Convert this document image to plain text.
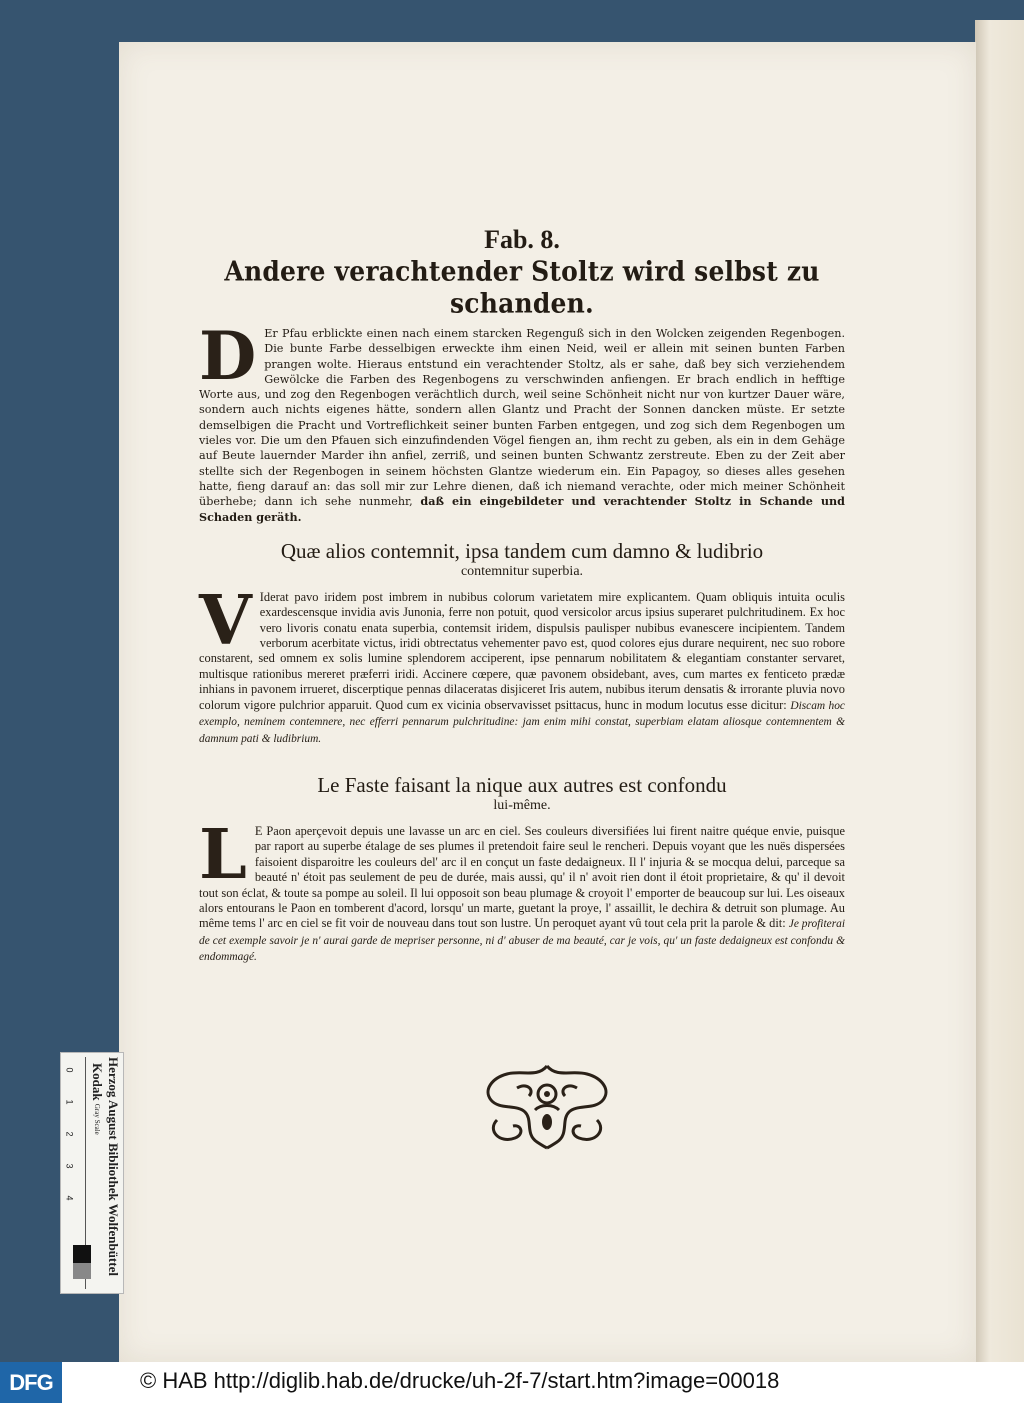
Fab. 8.
Andere verachtender Stoltz wird selbst zu schanden.

D Er Pfau erblickte einen nach einem starcken Regenguß sich in den Wolcken zeigenden Regenbogen. Die bunte Farbe desselbigen erweckte ihm einen Neid, weil er allein mit seinen bunten Farben prangen wolte. Hieraus entstund ein verachtender Stoltz, als er sahe, daß bey sich verziehendem Gewölcke die Farben des Regenbogens zu verschwinden anfiengen. Er brach endlich in hefftige Worte aus, und zog den Regenbogen verächtlich durch, weil seine Schönheit nicht nur von kurtzer Dauer wäre, sondern auch nichts eigenes hätte, sondern allen Glantz und Pracht der Sonnen dancken müste. Er setzte demselbigen die Pracht und Vortreflichkeit seiner bunten Farben entgegen, und zog sich dem Regenbogen um vieles vor. Die um den Pfauen sich einzufindenden Vögel fiengen an, ihm recht zu geben, als ein in dem Gehäge auf Beute lauernder Marder ihn anfiel, zerriß, und seinen bunten Schwantz zerstreute. Eben zu der Zeit aber stellte sich der Regenbogen in seinem höchsten Glantze wiederum ein. Ein Papagoy, so dieses alles gesehen hatte, fieng darauf an: das soll mir zur Lehre dienen, daß ich niemand verachte, oder mich meiner Schönheit überhebe; dann ich sehe nunmehr, daß ein eingebildeter und verachtender Stoltz in Schande und Schaden geräth.

Quæ alios contemnit, ipsa tandem cum damno & ludibrio
contemnitur superbia.

V Iderat pavo iridem post imbrem in nubibus colorum varietatem mire explicantem. Quam obliquis intuita oculis exardescensque invidia avis Junonia, ferre non potuit, quod versicolor arcus ipsius superaret pulchritudinem. Ex hoc vero livoris conatu enata superbia, contemsit iridem, dispulsis paulisper nubibus evanescere incipientem. Tandem verborum acerbitate victus, iridi obtrectatus vehementer pavo est, quod colores ejus durare nequirent, nec suo robore constarent, sed omnem ex solis lumine splendorem acciperent, ipse pennarum nobilitatem & elegantiam constanter servaret, multisque rationibus mereret præferri iridi. Accinere cœpere, quæ pavonem obsidebant, aves, cum martes ex fenticeto prædæ inhians in pavonem irrueret, discerptique pennas dilaceratas disjiceret Iris autem, nubibus iterum densatis & irrorante pluvia novo colorum vigore pulchrior apparuit. Quod cum ex vicinia observavisset psittacus, hunc in modum locutus esse dicitur: Discam hoc exemplo, neminem contemnere, nec efferri pennarum pulchritudine: jam enim mihi constat, superbiam elatam aliosque contemnentem & damnum pati & ludibrium.

Le Faste faisant la nique aux autres est confondu
lui-même.

L E Paon aperçevoit depuis une lavasse un arc en ciel. Ses couleurs diversifiées lui firent naitre quéque envie, puisque par raport au superbe étalage de ses plumes il pretendoit faire seul le rencheri. Depuis voyant que les nuës dispersées faisoient disparoitre les couleurs del' arc il en conçut un faste dedaigneux. Il l' injuria & se mocqua delui, parceque sa beauté n' étoit pas seulement de peu de durée, mais aussi, qu' il n' avoit rien dont il étoit proprietaire, & qu' il devoit tout son éclat, & toute sa pompe au soleil. Il lui opposoit son beau plumage & croyoit l' emporter de beaucoup sur lui. Les oiseaux alors entourans le Paon en tomberent d'acord, lorsqu' un marte, guetant la proye, l' assaillit, le dechira & detruit son plumage. Au même tems l' arc en ciel se fit voir de nouveau dans tout son lustre. Un peroquet ayant vû tout cela prit la parole & dit: Je profiterai de cet exemple savoir je n' aurai garde de mepriser personne, ni d' abuser de ma beauté, car je vois, qu' un faste dedaigneux est confondu & endommagé.

0
1
2
3
4	Herzog August Bibliothek Wolfenbüttel Kodak Gray Scale
DFG	© HAB http://diglib.hab.de/drucke/uh-2f-7/start.htm?image=00018
